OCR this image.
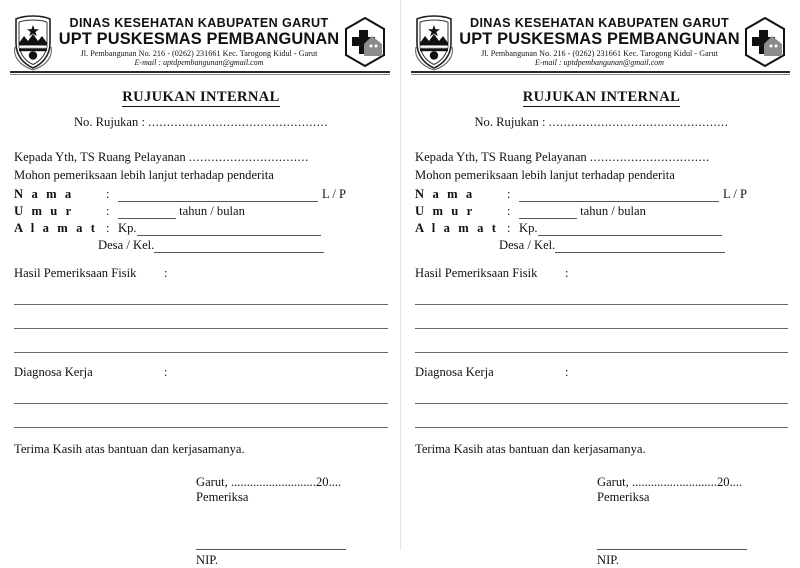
DINAS KESEHATAN KABUPATEN GARUT
UPT PUSKESMAS PEMBANGUNAN
Jl. Pembangunan No. 216 - (0262) 231661 Kec. Tarogong Kidul - Garut
E-mail : uptdpembangunan@gmail.com
RUJUKAN INTERNAL
No. Rujukan : ................................................
Kepada Yth, TS Ruang Pelayanan ................................
Mohon pemeriksaan lebih lanjut terhadap penderita
N a m a	:	L / P
U m u r	:	tahun / bulan
A l a m a t	:	Kp.
Desa / Kel.		
Hasil Pemeriksaan Fisik	:
Diagnosa Kerja	:
Terima Kasih atas bantuan dan kerjasamanya.
Garut, ...........................20....
Pemeriksa
NIP.
DINAS KESEHATAN KABUPATEN GARUT
UPT PUSKESMAS PEMBANGUNAN
Jl. Pembangunan No. 216 - (0262) 231661 Kec. Tarogong Kidul - Garut
E-mail : uptdpembangunan@gmail.com
RUJUKAN INTERNAL
No. Rujukan : ................................................
Kepada Yth, TS Ruang Pelayanan ................................
Mohon pemeriksaan lebih lanjut terhadap penderita
N a m a	:	L / P
U m u r	:	tahun / bulan
A l a m a t	:	Kp.
Desa / Kel.		
Hasil Pemeriksaan Fisik	:
Diagnosa Kerja	:
Terima Kasih atas bantuan dan kerjasamanya.
Garut, ...........................20....
Pemeriksa
NIP.
